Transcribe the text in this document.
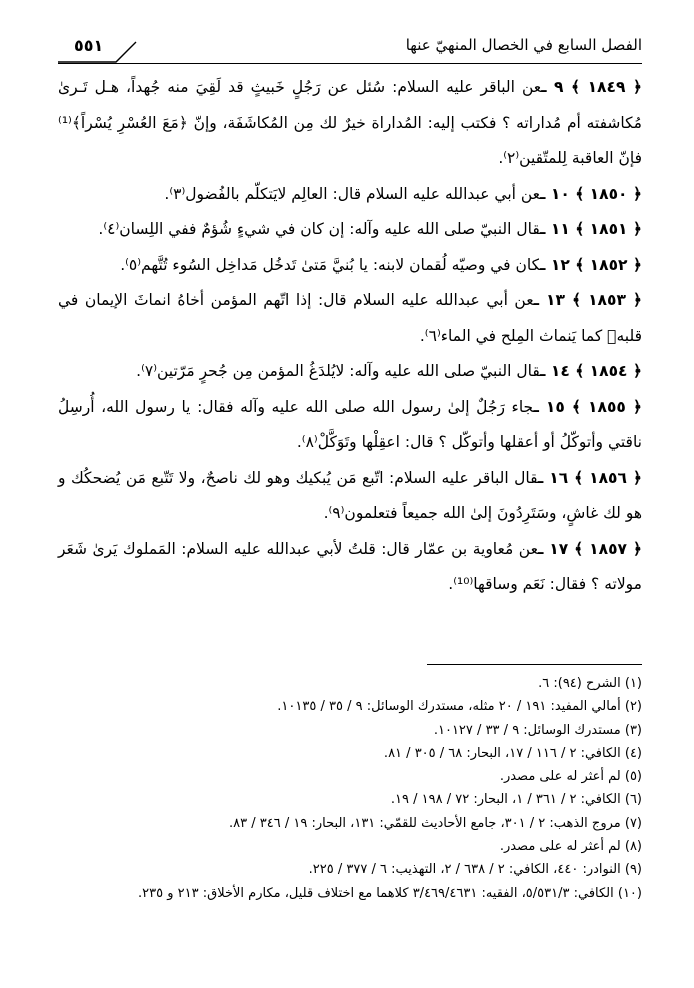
٥٥١	الفصل السابع في الخصال المنهيّ عنها

﴿ ١٨٤٩ ﴾ ٩ ـعن الباقر عليه السلام: سُئل عن رَجُلٍ خَبيثٍ قد لَقِيَ منه جُهداً، هـل تَـرىٰ مُكاشفته أم مُداراته ؟ فكتب إليه: المُداراة خيرٌ لك مِن المُكاشَفَة، وإنّ ﴿مَعَ العُسْرِ يُسْراً﴾⁽¹⁾ فإنّ العاقبة لِلمتّقين⁽٢⁾.

﴿ ١٨٥٠ ﴾ ١٠ ـعن أبي عبدالله عليه السلام قال: العالِم لايَتكلّم بالفُضول⁽٣⁾.

﴿ ١٨٥١ ﴾ ١١ ـقال النبيّ صلى الله عليه وآله: إن كان في شيءٍ شُؤمٌ ففي اللِسان⁽٤⁾.

﴿ ١٨٥٢ ﴾ ١٢ ـكان في وصيّه لُقمان لابنه: يا بُنيَّ مَتىٰ تَدخُل مَداخِل السُوء تُتَّهم⁽٥⁾.

﴿ ١٨٥٣ ﴾ ١٣ ـعن أبي عبدالله عليه السلام قال: إذا اتّهم المؤمن أخاهُ انماثَ الإيمان في قلبهٖ كما يَنماث المِلح في الماء⁽٦⁾.

﴿ ١٨٥٤ ﴾ ١٤ ـقال النبيّ صلى الله عليه وآله: لايُلدَغُ المؤمن مِن جُحرٍ مَرّتين⁽٧⁾.

﴿ ١٨٥٥ ﴾ ١٥ ـجاء رَجُلٌ إلىٰ رسول الله صلى الله عليه وآله فقال: يا رسول الله، أُرسِلُ ناقتي وأتوكّلُ أو أعقلها وأتوكّل ؟ قال: اعقِلْها وتَوَكَّلْ⁽٨⁾.

﴿ ١٨٥٦ ﴾ ١٦ ـقال الباقر عليه السلام: اتّبع مَن يُبكيك وهو لك ناصحٌ، ولا تَتّبع مَن يُضحكُك و هو لك غاشٍ، وسَتَرِدُونَ إلىٰ الله جميعاً فتعلمون⁽٩⁾.

﴿ ١٨٥٧ ﴾ ١٧ ـعن مُعاوية بن عمّار قال: قلتُ لأبي عبدالله عليه السلام: المَملوك يَرىٰ شَعَر مولاته ؟ فقال: نَعَم وساقها⁽¹⁰⁾.

(١) الشرح (٩٤): ٦.

(٢) أمالي المفيد: ١٩١ / ٢٠ مثله، مستدرك الوسائل: ٩ / ٣٥ / ١٠١٣٥.

(٣) مستدرك الوسائل: ٩ / ٣٣ / ١٠١٢٧.

(٤) الكافي: ٢ / ١١٦ / ١٧، البحار: ٦٨ / ٣٠٥ / ٨١.

(٥) لم أعثر له على مصدر.

(٦) الكافي: ٢ / ٣٦١ / ١، البحار: ٧٢ / ١٩٨ / ١٩.

(٧) مروج الذهب: ٢ / ٣٠١، جامع الأحاديث للقمّي: ١٣١، البحار: ١٩ / ٣٤٦ / ٨٣.

(٨) لم أعثر له على مصدر.

(٩) النوادر: ٤٤٠، الكافي: ٢ / ٦٣٨ / ٢، التهذيب: ٦ / ٣٧٧ / ٢٢٥.

(١٠) الكافي: ٥/٥٣١/٣، الفقيه: ٣/٤٦٩/٤٦٣١ كلاهما مع اختلاف قليل، مكارم الأخلاق: ٢١٣ و ٢٣٥.
